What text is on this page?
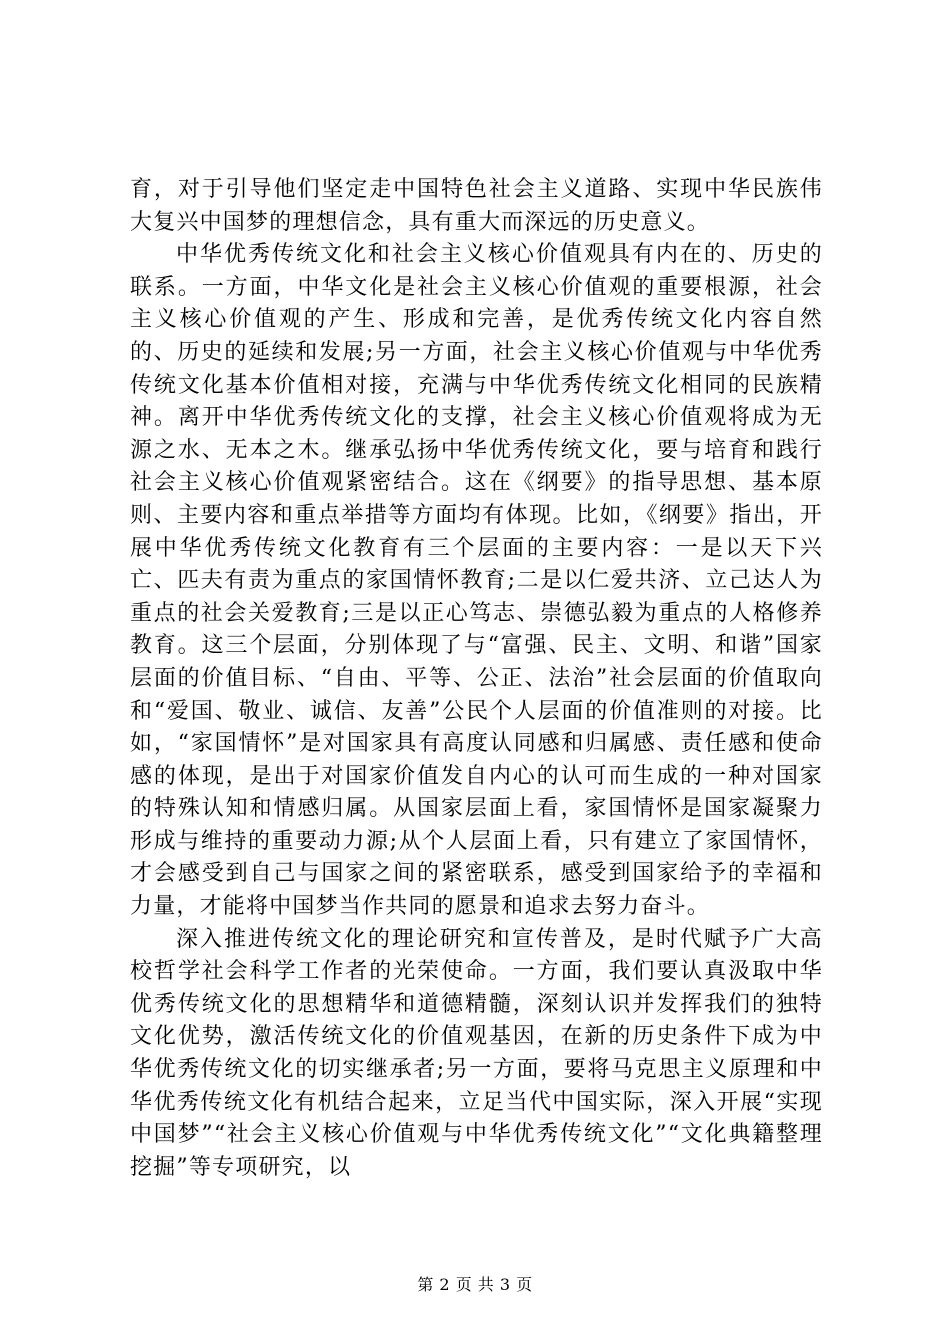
育，对于引导他们坚定走中国特色社会主义道路、实现中华民族伟大复兴中国梦的理想信念，具有重大而深远的历史意义。

中华优秀传统文化和社会主义核心价值观具有内在的、历史的联系。一方面，中华文化是社会主义核心价值观的重要根源，社会主义核心价值观的产生、形成和完善，是优秀传统文化内容自然的、历史的延续和发展;另一方面，社会主义核心价值观与中华优秀传统文化基本价值相对接，充满与中华优秀传统文化相同的民族精神。离开中华优秀传统文化的支撑，社会主义核心价值观将成为无源之水、无本之木。继承弘扬中华优秀传统文化，要与培育和践行社会主义核心价值观紧密结合。这在《纲要》的指导思想、基本原则、主要内容和重点举措等方面均有体现。比如，《纲要》指出，开展中华优秀传统文化教育有三个层面的主要内容：一是以天下兴亡、匹夫有责为重点的家国情怀教育;二是以仁爱共济、立己达人为重点的社会关爱教育;三是以正心笃志、崇德弘毅为重点的人格修养教育。这三个层面，分别体现了与“富强、民主、文明、和谐”国家层面的价值目标、“自由、平等、公正、法治”社会层面的价值取向和“爱国、敬业、诚信、友善”公民个人层面的价值准则的对接。比如，“家国情怀”是对国家具有高度认同感和归属感、责任感和使命感的体现，是出于对国家价值发自内心的认可而生成的一种对国家的特殊认知和情感归属。从国家层面上看，家国情怀是国家凝聚力形成与维持的重要动力源;从个人层面上看，只有建立了家国情怀，才会感受到自己与国家之间的紧密联系，感受到国家给予的幸福和力量，才能将中国梦当作共同的愿景和追求去努力奋斗。

深入推进传统文化的理论研究和宣传普及，是时代赋予广大高校哲学社会科学工作者的光荣使命。一方面，我们要认真汲取中华优秀传统文化的思想精华和道德精髓，深刻认识并发挥我们的独特文化优势，激活传统文化的价值观基因，在新的历史条件下成为中华优秀传统文化的切实继承者;另一方面，要将马克思主义原理和中华优秀传统文化有机结合起来，立足当代中国实际，深入开展“实现中国梦”“社会主义核心价值观与中华优秀传统文化”“文化典籍整理挖掘”等专项研究，以

第 2 页 共 3 页
